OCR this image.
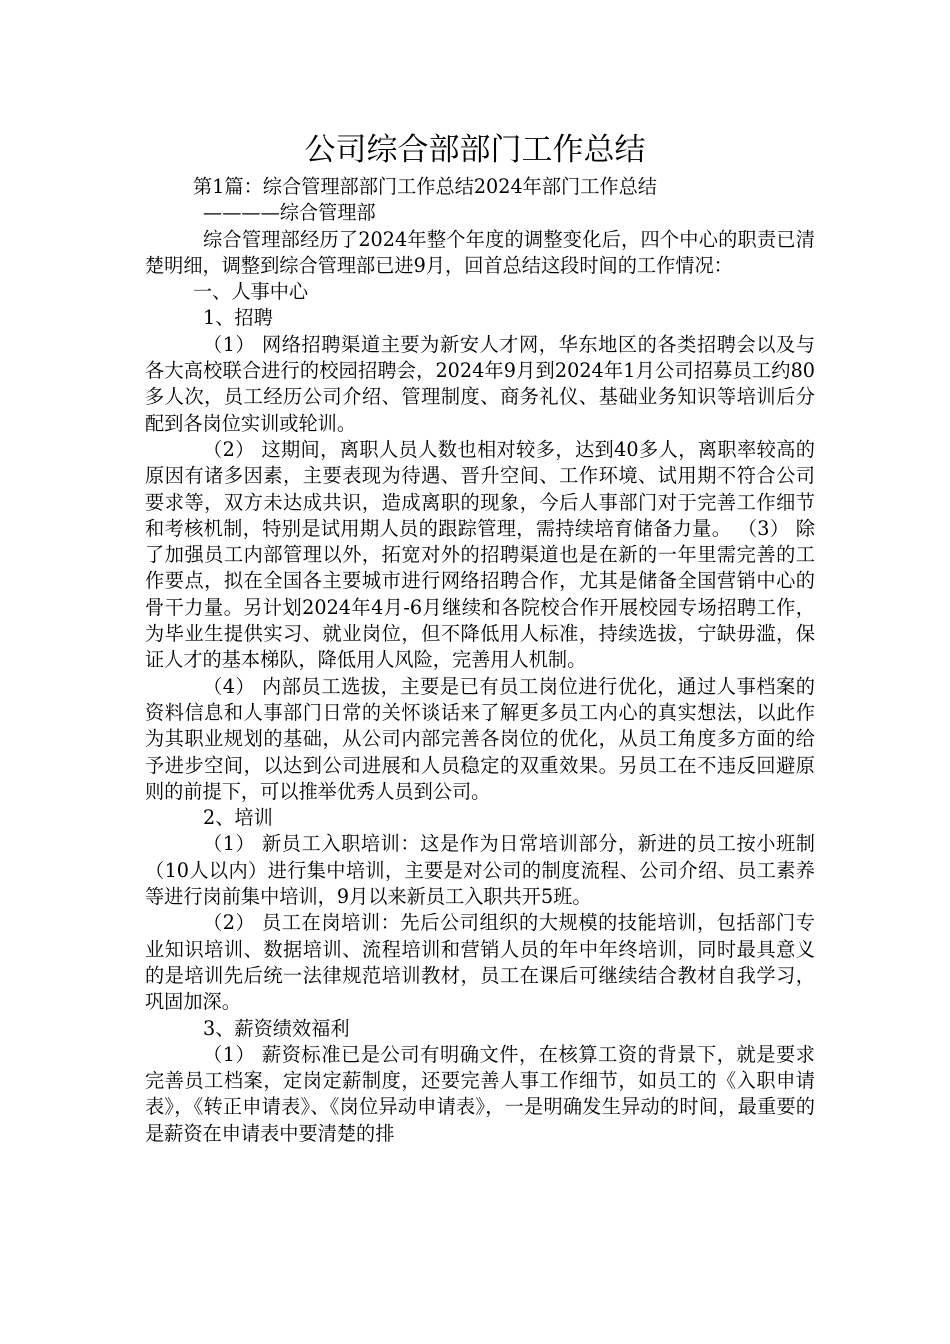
公司综合部部门工作总结

第1篇：综合管理部部门工作总结2024年部门工作总结

————综合管理部

综合管理部经历了2024年整个年度的调整变化后，四个中心的职责已清楚明细，调整到综合管理部已进9月，回首总结这段时间的工作情况：

一、人事中心

1、招聘

（1） 网络招聘渠道主要为新安人才网，华东地区的各类招聘会以及与各大高校联合进行的校园招聘会，2024年9月到2024年1月公司招募员工约80多人次，员工经历公司介绍、管理制度、商务礼仪、基础业务知识等培训后分配到各岗位实训或轮训。

（2） 这期间，离职人员人数也相对较多，达到40多人，离职率较高的原因有诸多因素，主要表现为待遇、晋升空间、工作环境、试用期不符合公司要求等，双方未达成共识，造成离职的现象，今后人事部门对于完善工作细节和考核机制，特别是试用期人员的跟踪管理，需持续培育储备力量。 （3） 除了加强员工内部管理以外，拓宽对外的招聘渠道也是在新的一年里需完善的工作要点，拟在全国各主要城市进行网络招聘合作，尤其是储备全国营销中心的骨干力量。另计划2024年4月-6月继续和各院校合作开展校园专场招聘工作，为毕业生提供实习、就业岗位，但不降低用人标准，持续选拔，宁缺毋滥，保证人才的基本梯队，降低用人风险，完善用人机制。

（4） 内部员工选拔，主要是已有员工岗位进行优化，通过人事档案的资料信息和人事部门日常的关怀谈话来了解更多员工内心的真实想法，以此作为其职业规划的基础，从公司内部完善各岗位的优化，从员工角度多方面的给予进步空间，以达到公司进展和人员稳定的双重效果。另员工在不违反回避原则的前提下，可以推举优秀人员到公司。

2、培训

（1） 新员工入职培训：这是作为日常培训部分，新进的员工按小班制（10人以内）进行集中培训，主要是对公司的制度流程、公司介绍、员工素养等进行岗前集中培训，9月以来新员工入职共开5班。

（2） 员工在岗培训：先后公司组织的大规模的技能培训，包括部门专业知识培训、数据培训、流程培训和营销人员的年中年终培训，同时最具意义的是培训先后统一法律规范培训教材，员工在课后可继续结合教材自我学习，巩固加深。

3、薪资绩效福利

（1） 薪资标准已是公司有明确文件，在核算工资的背景下，就是要求完善员工档案，定岗定薪制度，还要完善人事工作细节，如员工的《入职申请表》，《转正申请表》、《岗位异动申请表》，一是明确发生异动的时间，最重要的是薪资在申请表中要清楚的排
